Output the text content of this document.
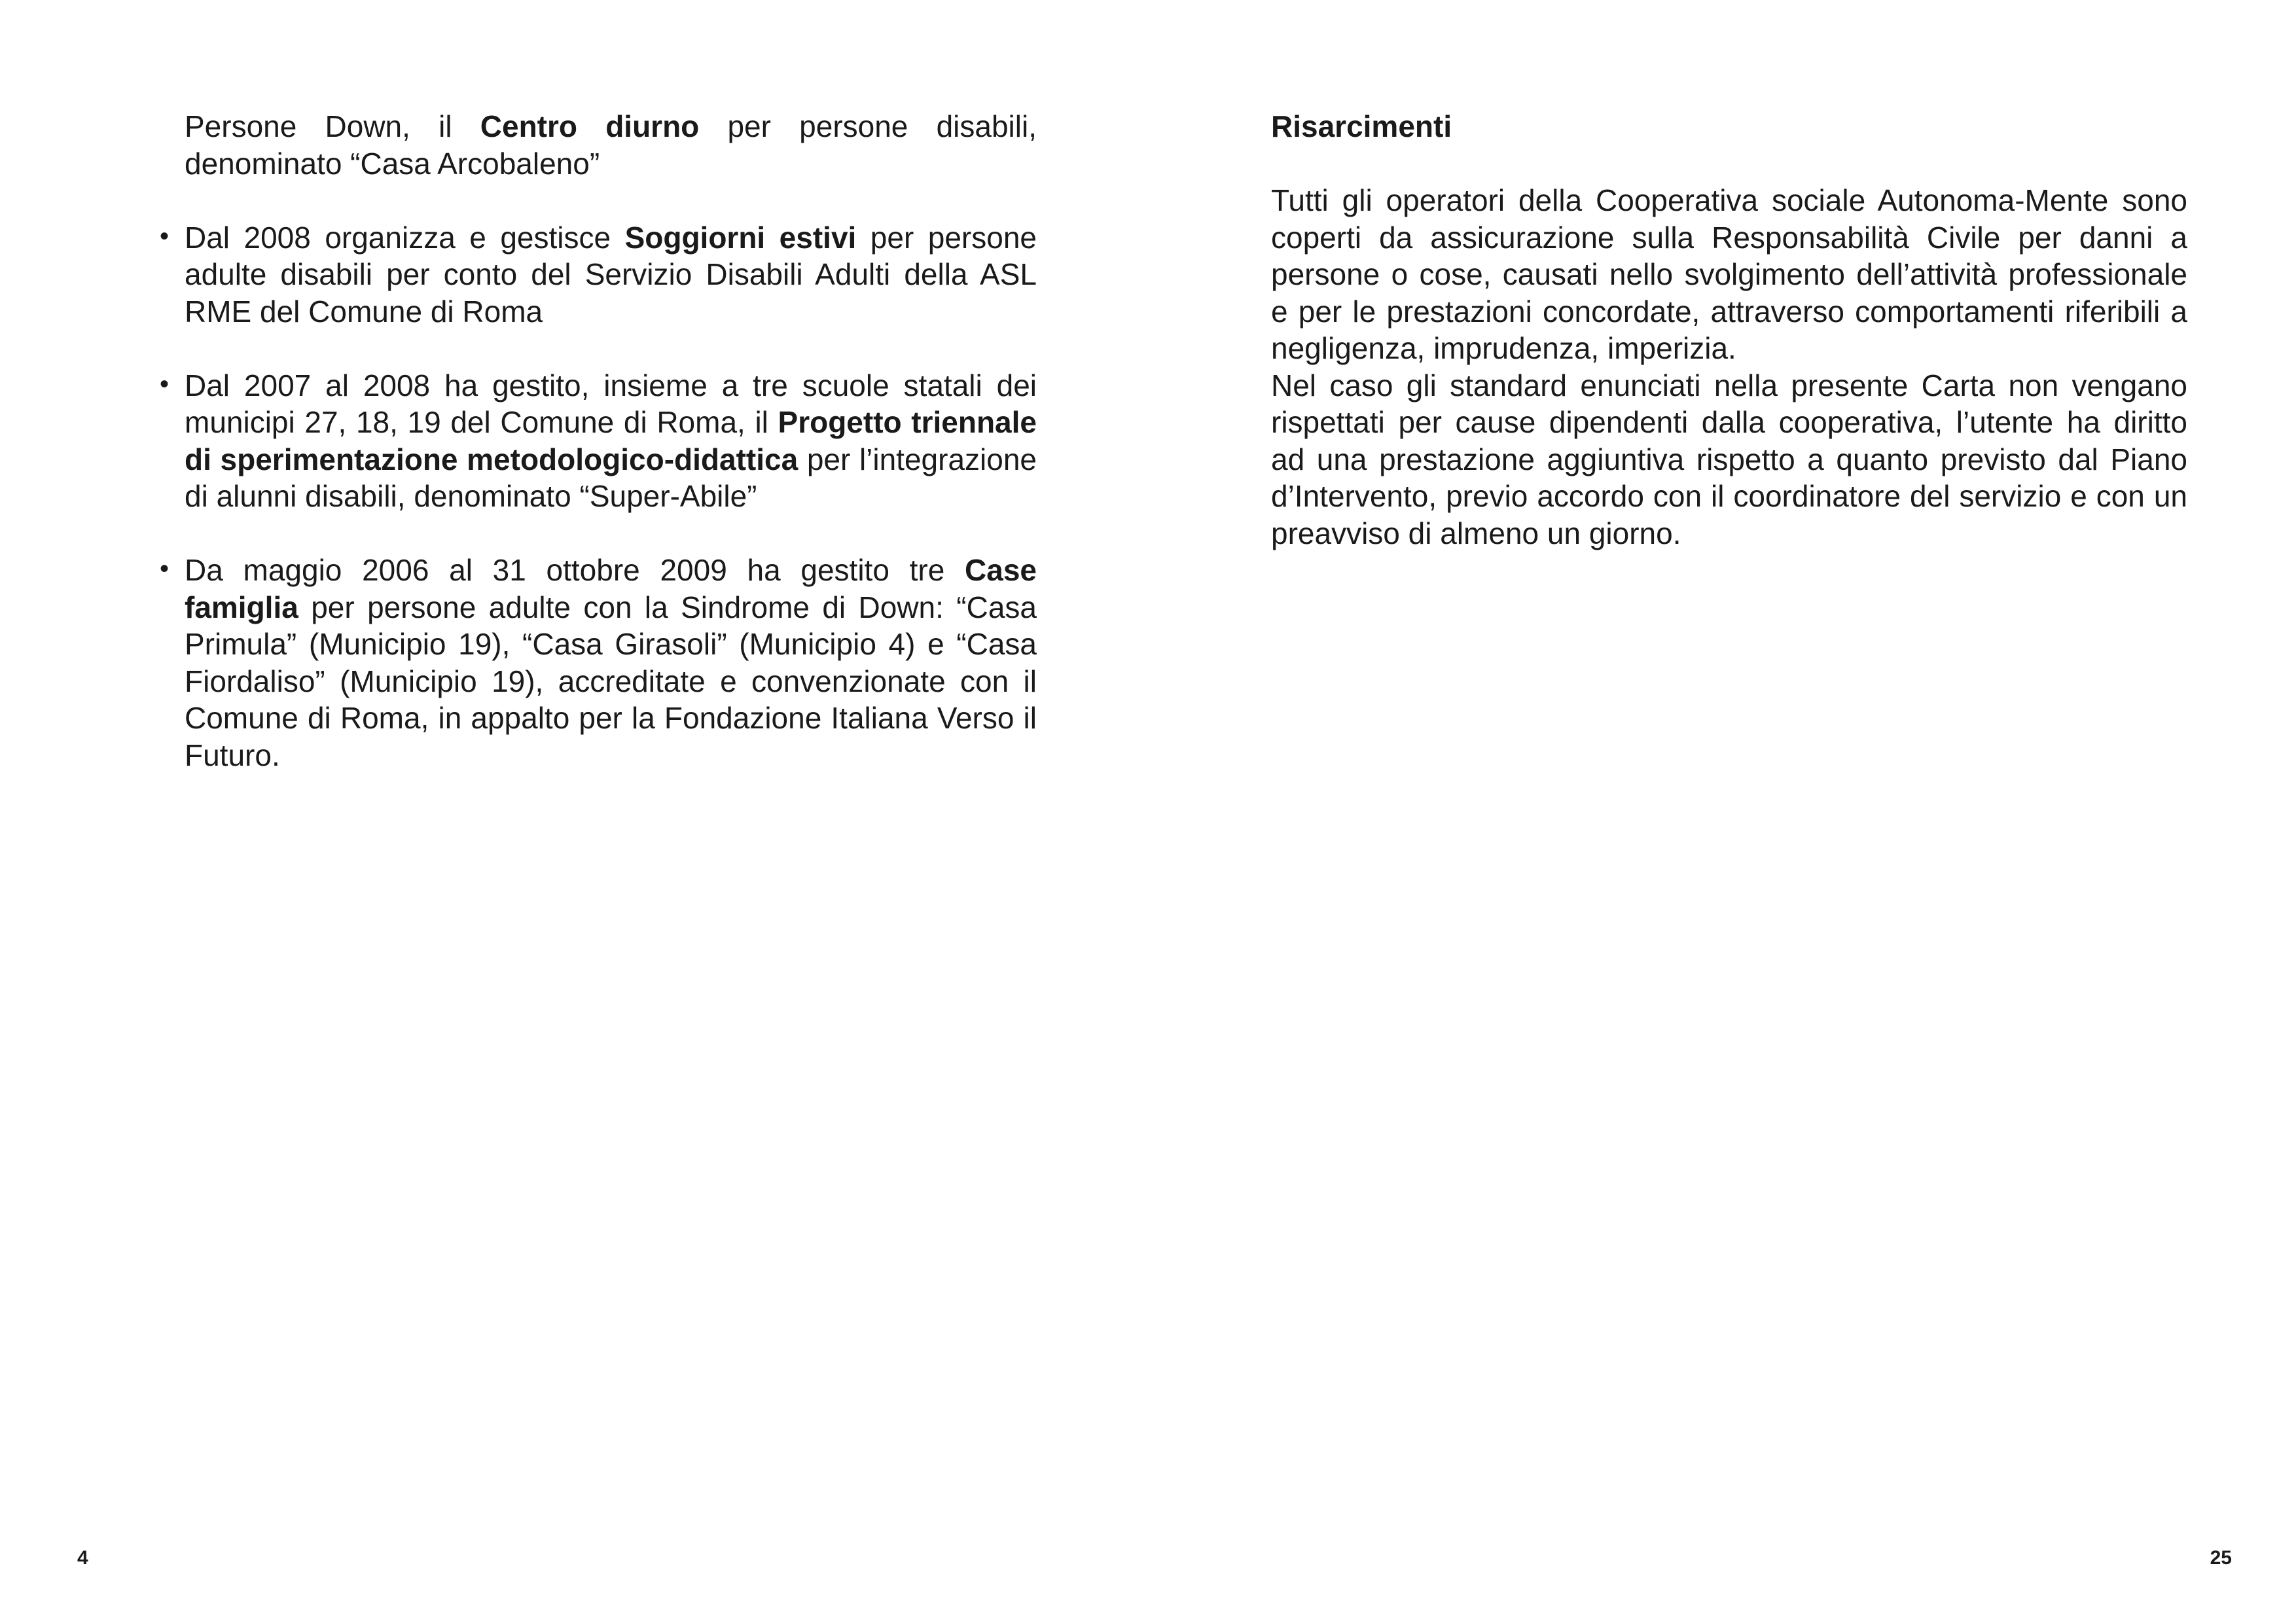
Persone Down, il Centro diurno per persone disabili, denominato “Casa Arcobaleno”

• Dal 2008 organizza e gestisce Soggiorni estivi per persone adulte disabili per conto del Servizio Disabili Adulti della ASL RME del Comune di Roma

• Dal 2007 al 2008 ha gestito, insieme a tre scuole statali dei municipi 27, 18, 19 del Comune di Roma, il Progetto triennale di sperimentazione metodologico-didattica per l’integrazione di alunni disabili, denominato “Super-Abile”

• Da maggio 2006 al 31 ottobre 2009 ha gestito tre Case famiglia per persone adulte con la Sindrome di Down: “Casa Primula” (Municipio 19), “Casa Girasoli” (Municipio 4) e “Casa Fiordaliso” (Municipio 19), accreditate e convenzionate con il Comune di Roma, in appalto per la Fondazione Italiana Verso il Futuro.

4

Risarcimenti

Tutti gli operatori della Cooperativa sociale Autonoma-Mente sono coperti da assicurazione sulla Responsabilità Civile per danni a persone o cose, causati nello svolgimento dell’attività professionale e per le prestazioni concordate, attraverso comportamenti riferibili a negligenza, imprudenza, imperizia.

Nel caso gli standard enunciati nella presente Carta non vengano rispettati per cause dipendenti dalla cooperativa, l’utente ha diritto ad una prestazione aggiuntiva rispetto a quanto previsto dal Piano d’Intervento, previo accordo con il coordinatore del servizio e con un preavviso di almeno un giorno.

25
